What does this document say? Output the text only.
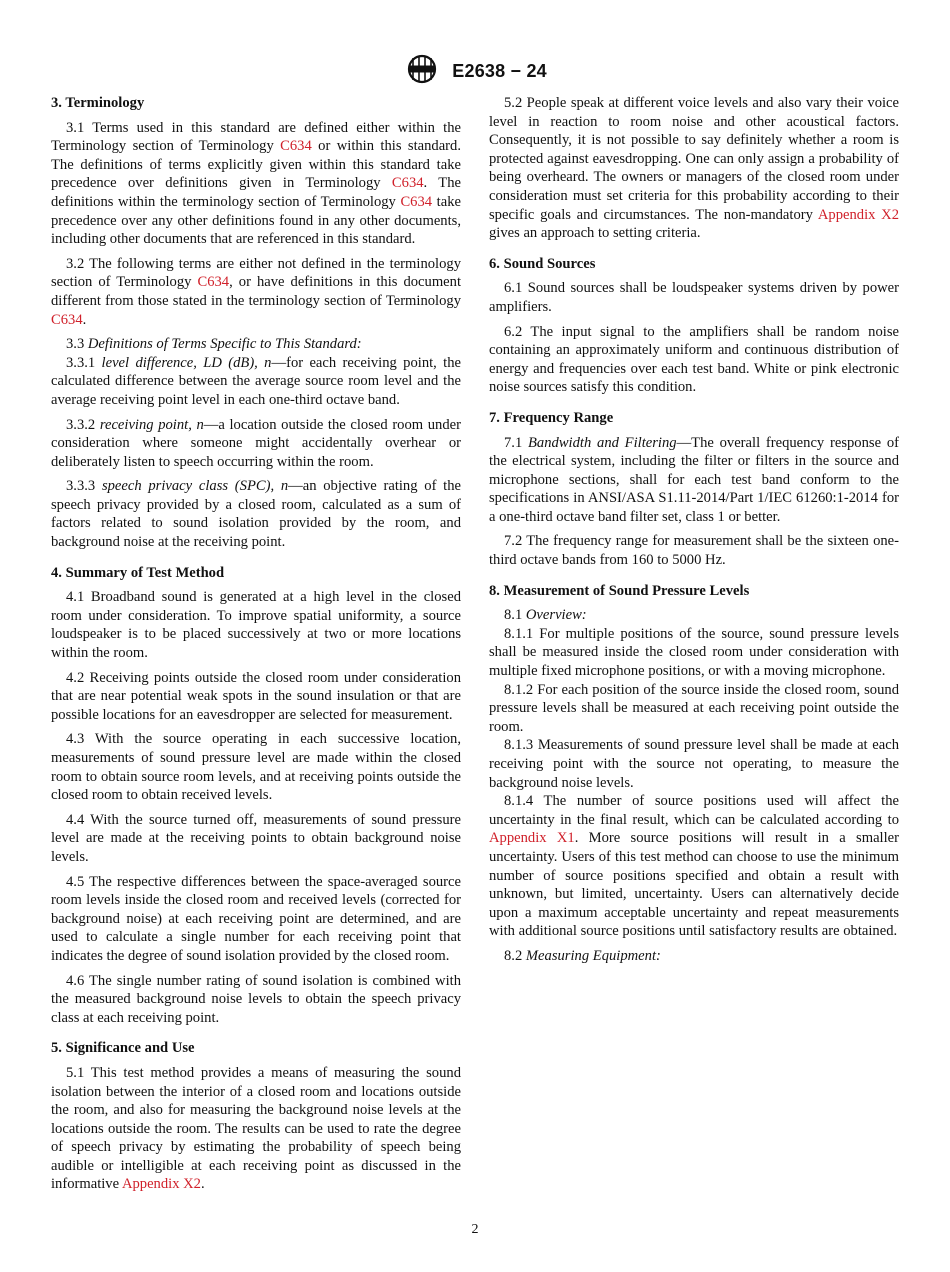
E2638 − 24
3. Terminology

3.1 Terms used in this standard are defined either within the Terminology section of Terminology C634 or within this standard. The definitions of terms explicitly given within this standard take precedence over definitions given in Terminology C634. The definitions within the terminology section of Terminology C634 take precedence over any other definitions found in any other documents, including other documents that are referenced in this standard.

3.2 The following terms are either not defined in the terminology section of Terminology C634, or have definitions in this document different from those stated in the terminology section of Terminology C634.

3.3 Definitions of Terms Specific to This Standard:

3.3.1 level difference, LD (dB), n—for each receiving point, the calculated difference between the average source room level and the average receiving point level in each one-third octave band.

3.3.2 receiving point, n—a location outside the closed room under consideration where someone might accidentally overhear or deliberately listen to speech occurring within the room.

3.3.3 speech privacy class (SPC), n—an objective rating of the speech privacy provided by a closed room, calculated as a sum of factors related to sound isolation provided by the room, and background noise at the receiving point.

4. Summary of Test Method

4.1 Broadband sound is generated at a high level in the closed room under consideration. To improve spatial uniformity, a source loudspeaker is to be placed successively at two or more locations within the room.

4.2 Receiving points outside the closed room under consideration that are near potential weak spots in the sound insulation or that are possible locations for an eavesdropper are selected for measurement.

4.3 With the source operating in each successive location, measurements of sound pressure level are made within the closed room to obtain source room levels, and at receiving points outside the closed room to obtain received levels.

4.4 With the source turned off, measurements of sound pressure level are made at the receiving points to obtain background noise levels.

4.5 The respective differences between the space-averaged source room levels inside the closed room and received levels (corrected for background noise) at each receiving point are determined, and are used to calculate a single number for each receiving point that indicates the degree of sound isolation provided by the closed room.

4.6 The single number rating of sound isolation is combined with the measured background noise levels to obtain the speech privacy class at each receiving point.

5. Significance and Use

5.1 This test method provides a means of measuring the sound isolation between the interior of a closed room and locations outside the room, and also for measuring the background noise levels at the locations outside the room. The results can be used to rate the degree of speech privacy by estimating the probability of speech being audible or intelligible at each receiving point as discussed in the informative Appendix X2.

5.2 People speak at different voice levels and also vary their voice level in reaction to room noise and other acoustical factors. Consequently, it is not possible to say definitely whether a room is protected against eavesdropping. One can only assign a probability of being overheard. The owners or managers of the closed room under consideration must set criteria for this probability according to their specific goals and circumstances. The non-mandatory Appendix X2 gives an approach to setting criteria.

6. Sound Sources

6.1 Sound sources shall be loudspeaker systems driven by power amplifiers.

6.2 The input signal to the amplifiers shall be random noise containing an approximately uniform and continuous distribution of energy and frequencies over each test band. White or pink electronic noise sources satisfy this condition.

7. Frequency Range

7.1 Bandwidth and Filtering—The overall frequency response of the electrical system, including the filter or filters in the source and microphone sections, shall for each test band conform to the specifications in ANSI/ASA S1.11-2014/Part 1/IEC 61260:1-2014 for a one-third octave band filter set, class 1 or better.

7.2 The frequency range for measurement shall be the sixteen one-third octave bands from 160 to 5000 Hz.

8. Measurement of Sound Pressure Levels

8.1 Overview:

8.1.1 For multiple positions of the source, sound pressure levels shall be measured inside the closed room under consideration with multiple fixed microphone positions, or with a moving microphone.

8.1.2 For each position of the source inside the closed room, sound pressure levels shall be measured at each receiving point outside the room.

8.1.3 Measurements of sound pressure level shall be made at each receiving point with the source not operating, to measure the background noise levels.

8.1.4 The number of source positions used will affect the uncertainty in the final result, which can be calculated according to Appendix X1. More source positions will result in a smaller uncertainty. Users of this test method can choose to use the minimum number of source positions specified and obtain a result with unknown, but limited, uncertainty. Users can alternatively decide upon a maximum acceptable uncertainty and repeat measurements with additional source positions until satisfactory results are obtained.

8.2 Measuring Equipment:

2
